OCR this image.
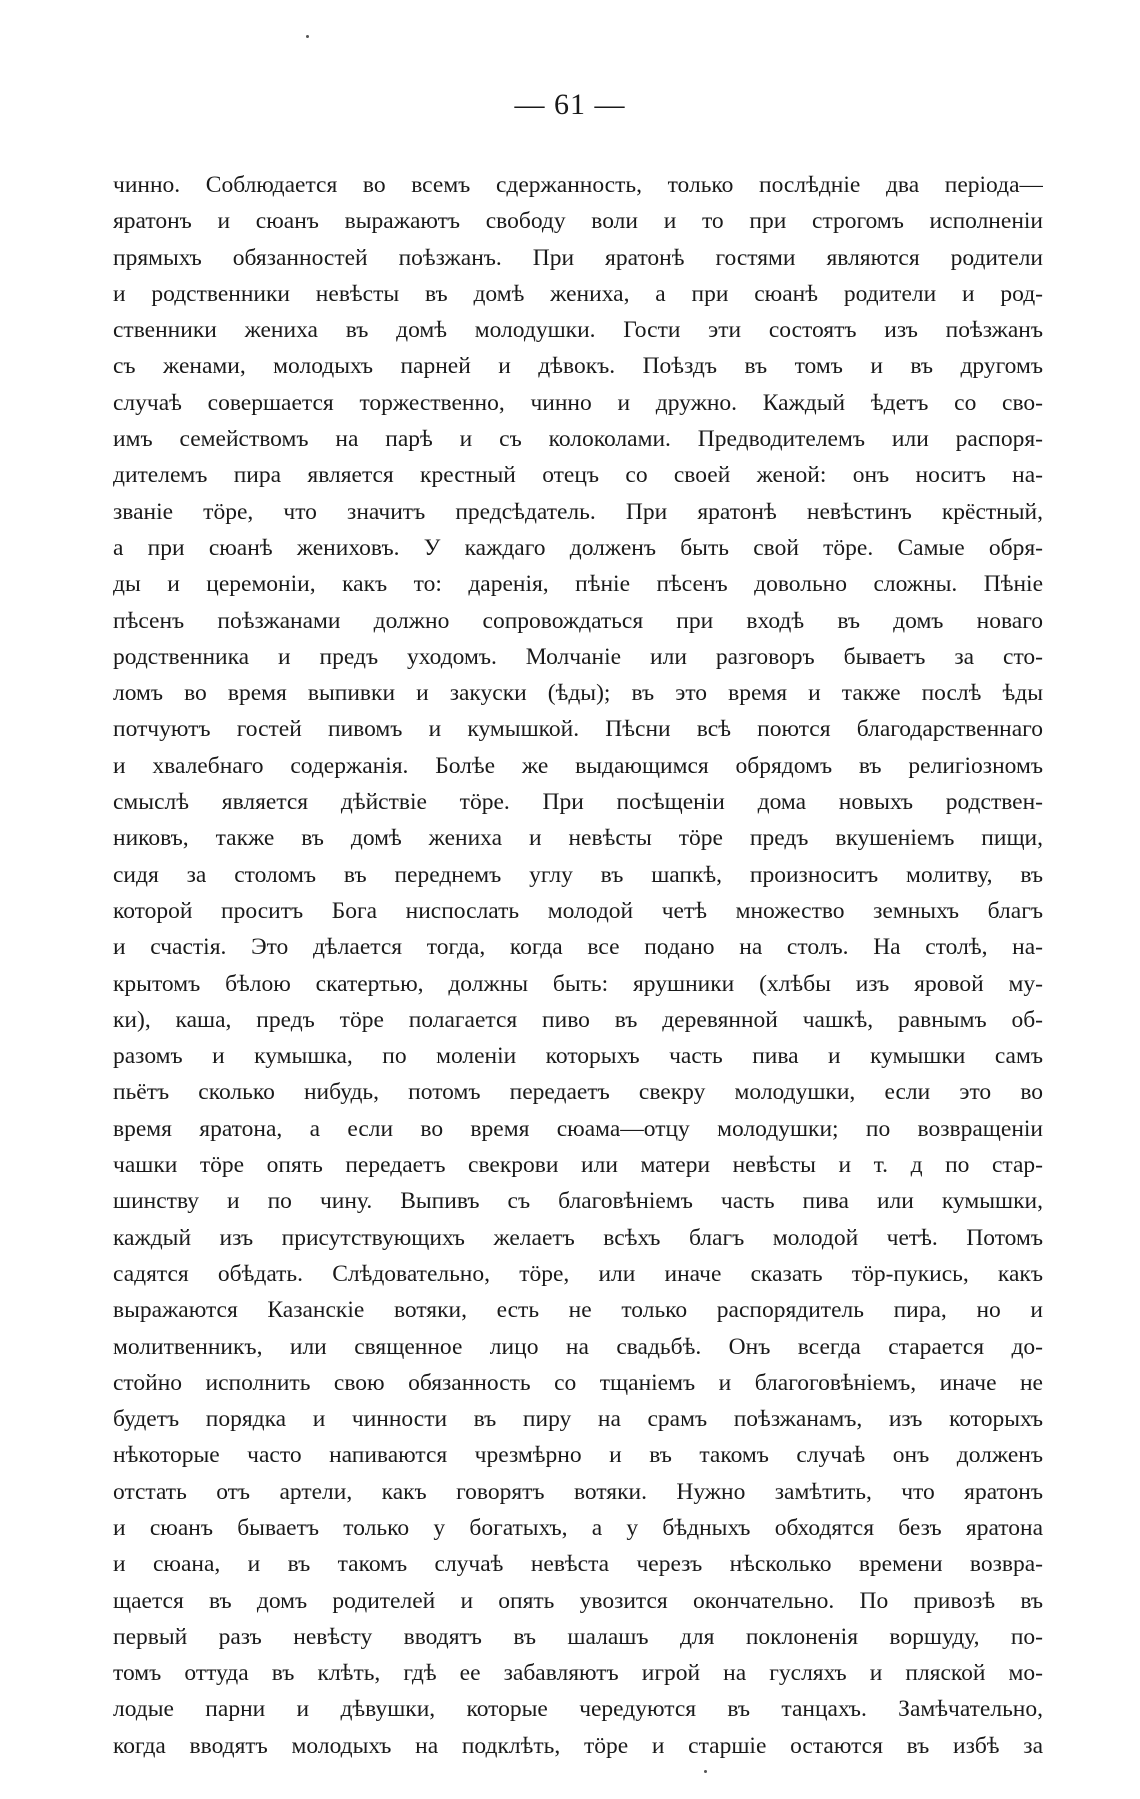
— 61 —
чинно. Соблюдается во всемъ сдержанность, только послѣдніе два періода—
яратонъ и сюанъ выражаютъ свободу воли и то при строгомъ исполненіи
прямыхъ обязанностей поѣзжанъ. При яратонѣ гостями являются родители
и родственники невѣсты въ домѣ жениха, а при сюанѣ родители и род-
ственники жениха въ домѣ молодушки. Гости эти состоятъ изъ поѣзжанъ
съ женами, молодыхъ парней и дѣвокъ. Поѣздъ въ томъ и въ другомъ
случаѣ совершается торжественно, чинно и дружно. Каждый ѣдетъ со сво-
имъ семействомъ на парѣ и съ колоколами. Предводителемъ или распоря-
дителемъ пира является крестный отецъ со своей женой: онъ носитъ на-
званіе тöре, что значитъ предсѣдатель. При яратонѣ невѣстинъ крёстный,
а при сюанѣ жениховъ. У каждаго долженъ быть свой тöре. Самые обря-
ды и церемоніи, какъ то: даренія, пѣніе пѣсенъ довольно сложны. Пѣніе
пѣсенъ поѣзжанами должно сопровождаться при входѣ въ домъ новаго
родственника и предъ уходомъ. Молчаніе или разговоръ бываетъ за сто-
ломъ во время выпивки и закуски (ѣды); въ это время и также послѣ ѣды
потчуютъ гостей пивомъ и кумышкой. Пѣсни всѣ поются благодарственнаго
и хвалебнаго содержанія. Болѣе же выдающимся обрядомъ въ религіозномъ
смыслѣ является дѣйствіе тöре. При посѣщеніи дома новыхъ родствен-
никовъ, также въ домѣ жениха и невѣсты тöре предъ вкушеніемъ пищи,
сидя за столомъ въ переднемъ углу въ шапкѣ, произноситъ молитву, въ
которой проситъ Бога ниспослать молодой четѣ множество земныхъ благъ
и счастія. Это дѣлается тогда, когда все подано на столъ. На столѣ, на-
крытомъ бѣлою скатертью, должны быть: ярушники (хлѣбы изъ яровой му-
ки), каша, предъ тöре полагается пиво въ деревянной чашкѣ, равнымъ об-
разомъ и кумышка, по моленіи которыхъ часть пива и кумышки самъ
пьётъ сколько нибудь, потомъ передаетъ свекру молодушки, если это во
время яратона, а если во время сюама—отцу молодушки; по возвращеніи
чашки тöре опять передаетъ свекрови или матери невѣсты и т. д по стар-
шинству и по чину. Выпивъ съ благовѣніемъ часть пива или кумышки,
каждый изъ присутствующихъ желаетъ всѣхъ благъ молодой четѣ. Потомъ
садятся обѣдать. Слѣдовательно, тöре, или иначе сказать тöр-пукись, какъ
выражаются Казанскіе вотяки, есть не только распорядитель пира, но и
молитвенникъ, или священное лицо на свадьбѣ. Онъ всегда старается до-
стойно исполнить свою обязанность со тщаніемъ и благоговѣніемъ, иначе не
будетъ порядка и чинности въ пиру на срамъ поѣзжанамъ, изъ которыхъ
нѣкоторые часто напиваются чрезмѣрно и въ такомъ случаѣ онъ долженъ
отстать отъ артели, какъ говорятъ вотяки. Нужно замѣтить, что яратонъ
и сюанъ бываетъ только у богатыхъ, а у бѣдныхъ обходятся безъ яратона
и сюана, и въ такомъ случаѣ невѣста черезъ нѣсколько времени возвра-
щается въ домъ родителей и опять увозится окончательно. По привозѣ въ
первый разъ невѣсту вводятъ въ шалашъ для поклоненія воршуду, по-
томъ оттуда въ клѣть, гдѣ ее забавляютъ игрой на гусляхъ и пляской мо-
лодые парни и дѣвушки, которые чередуются въ танцахъ. Замѣчательно,
когда вводятъ молодыхъ на подклѣть, тöре и старшіе остаются въ избѣ за
